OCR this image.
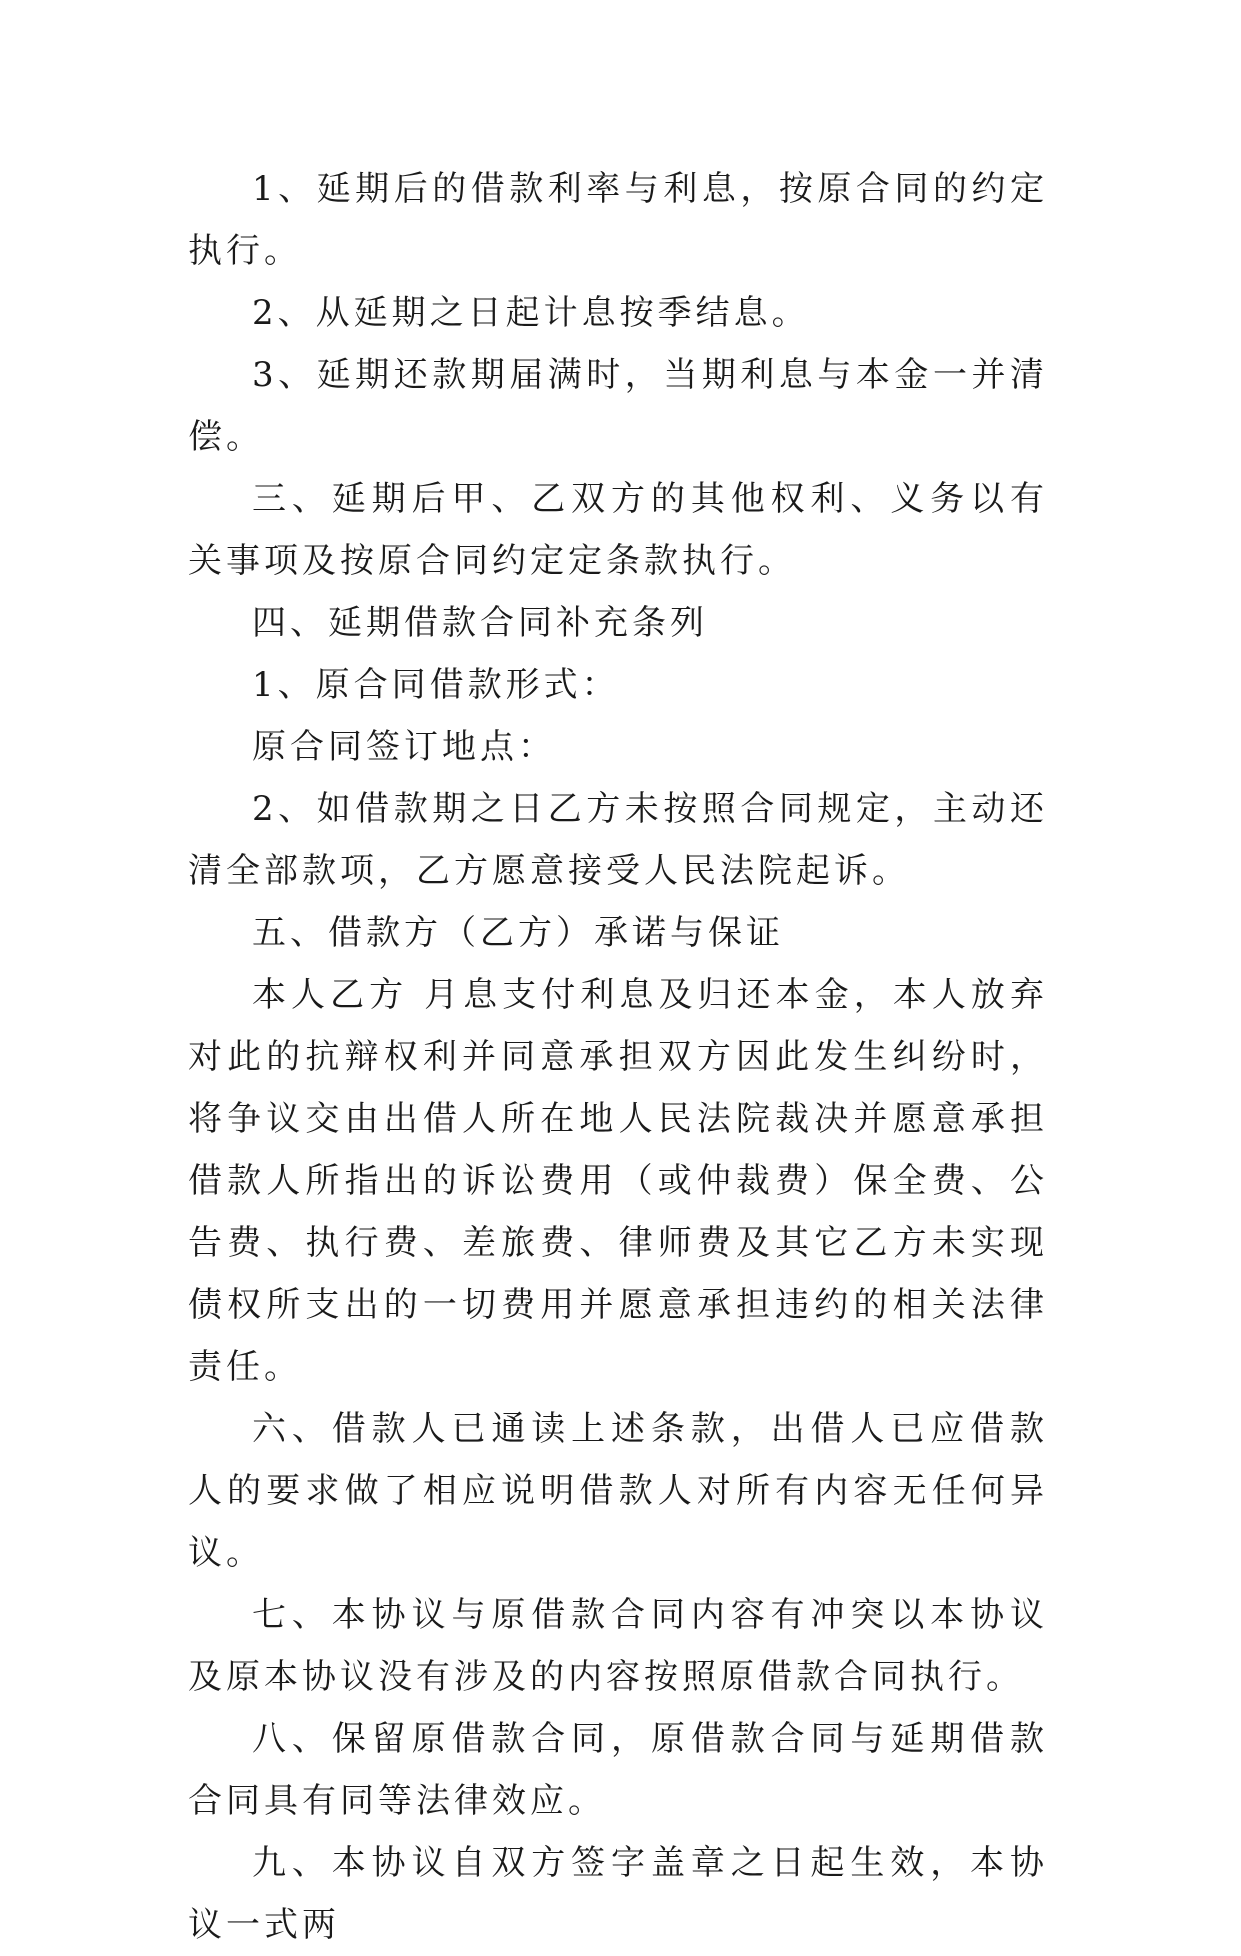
1、延期后的借款利率与利息，按原合同的约定执行。

2、从延期之日起计息按季结息。

3、延期还款期届满时，当期利息与本金一并清偿。

三、延期后甲、乙双方的其他权利、义务以有关事项及按原合同约定定条款执行。

四、延期借款合同补充条列

1、原合同借款形式：

原合同签订地点：

2、如借款期之日乙方未按照合同规定，主动还清全部款项，乙方愿意接受人民法院起诉。

五、借款方（乙方）承诺与保证

本人乙方 月息支付利息及归还本金，本人放弃对此的抗辩权利并同意承担双方因此发生纠纷时，将争议交由出借人所在地人民法院裁决并愿意承担借款人所指出的诉讼费用（或仲裁费）保全费、公告费、执行费、差旅费、律师费及其它乙方未实现债权所支出的一切费用并愿意承担违约的相关法律责任。

六、借款人已通读上述条款，出借人已应借款人的要求做了相应说明借款人对所有内容无任何异议。

七、本协议与原借款合同内容有冲突以本协议及原本协议没有涉及的内容按照原借款合同执行。

八、保留原借款合同，原借款合同与延期借款合同具有同等法律效应。

九、本协议自双方签字盖章之日起生效，本协议一式两
